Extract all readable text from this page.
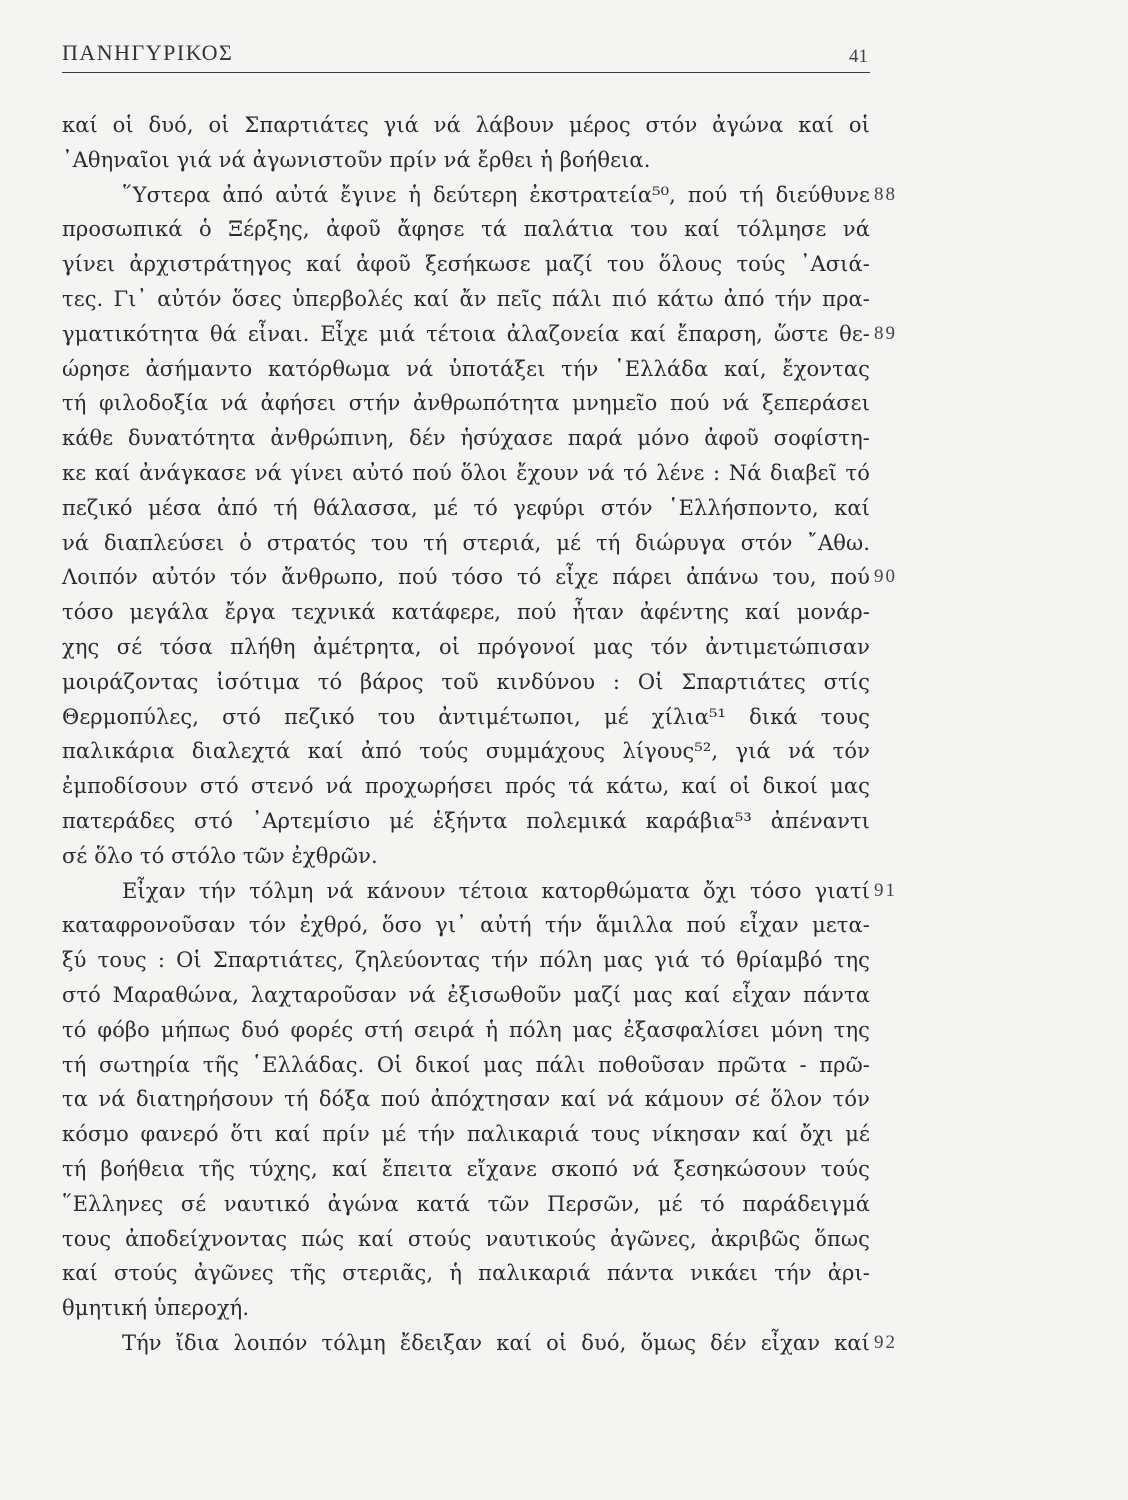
ΠΑΝΗΓΥΡΙΚΟΣ	41
καί οἱ δυό, οἱ Σπαρτιάτες γιά νά λάβουν μέρος στόν ἀγώνα καί οἱ
᾿Αθηναῖοι γιά νά ἀγωνιστοῦν πρίν νά ἔρθει ἡ βοήθεια.
῞Υστερα ἀπό αὐτά ἔγινε ἡ δεύτερη ἐκστρατεία⁵⁰, πού τή διεύθυνε
προσωπικά ὁ Ξέρξης, ἀφοῦ ἄφησε τά παλάτια του καί τόλμησε νά
γίνει ἀρχιστράτηγος καί ἀφοῦ ξεσήκωσε μαζί του ὅλους τούς ᾿Ασιά-
τες. Γι᾿ αὐτόν ὅσες ὑπερβολές καί ἄν πεῖς πάλι πιό κάτω ἀπό τήν πρα-
γματικότητα θά εἶναι. Εἶχε μιά τέτοια ἀλαζονεία καί ἔπαρση, ὥστε θε-
ώρησε ἀσήμαντο κατόρθωμα νά ὑποτάξει τήν ῾Ελλάδα καί, ἔχοντας
τή φιλοδοξία νά ἀφήσει στήν ἀνθρωπότητα μνημεῖο πού νά ξεπεράσει
κάθε δυνατότητα ἀνθρώπινη, δέν ἡσύχασε παρά μόνο ἀφοῦ σοφίστη-
κε καί ἀνάγκασε νά γίνει αὐτό πού ὅλοι ἔχουν νά τό λένε : Νά διαβεῖ τό
πεζικό μέσα ἀπό τή θάλασσα, μέ τό γεφύρι στόν ῾Ελλήσποντο, καί
νά διαπλεύσει ὁ στρατός του τή στεριά, μέ τή διώρυγα στόν ῎Αθω.
Λοιπόν αὐτόν τόν ἄνθρωπο, πού τόσο τό εἶχε πάρει ἀπάνω του, πού
τόσο μεγάλα ἔργα τεχνικά κατάφερε, πού ἦταν ἀφέντης καί μονάρ-
χης σέ τόσα πλήθη ἀμέτρητα, οἱ πρόγονοί μας τόν ἀντιμετώπισαν
μοιράζοντας ἰσότιμα τό βάρος τοῦ κινδύνου : Οἱ Σπαρτιάτες στίς
Θερμοπύλες, στό πεζικό του ἀντιμέτωποι, μέ χίλια⁵¹ δικά τους
παλικάρια διαλεχτά καί ἀπό τούς συμμάχους λίγους⁵², γιά νά τόν
ἐμποδίσουν στό στενό νά προχωρήσει πρός τά κάτω, καί οἱ δικοί μας
πατεράδες στό ᾿Αρτεμίσιο μέ ἑξήντα πολεμικά καράβια⁵³ ἀπέναντι
σέ ὅλο τό στόλο τῶν ἐχθρῶν.
Εἶχαν τήν τόλμη νά κάνουν τέτοια κατορθώματα ὄχι τόσο γιατί
καταφρονοῦσαν τόν ἐχθρό, ὅσο γι᾿ αὐτή τήν ἅμιλλα πού εἶχαν μετα-
ξύ τους : Οἱ Σπαρτιάτες, ζηλεύοντας τήν πόλη μας γιά τό θρίαμβό της
στό Μαραθώνα, λαχταροῦσαν νά ἐξισωθοῦν μαζί μας καί εἶχαν πάντα
τό φόβο μήπως δυό φορές στή σειρά ἡ πόλη μας ἐξασφαλίσει μόνη της
τή σωτηρία τῆς ῾Ελλάδας. Οἱ δικοί μας πάλι ποθοῦσαν πρῶτα - πρῶ-
τα νά διατηρήσουν τή δόξα πού ἀπόχτησαν καί νά κάμουν σέ ὅλον τόν
κόσμο φανερό ὅτι καί πρίν μέ τήν παλικαριά τους νίκησαν καί ὄχι μέ
τή βοήθεια τῆς τύχης, καί ἔπειτα εἴχανε σκοπό νά ξεσηκώσουν τούς
῞Ελληνες σέ ναυτικό ἀγώνα κατά τῶν Περσῶν, μέ τό παράδειγμά
τους ἀποδείχνοντας πώς καί στούς ναυτικούς ἀγῶνες, ἀκριβῶς ὅπως
καί στούς ἀγῶνες τῆς στεριᾶς, ἡ παλικαριά πάντα νικάει τήν ἀρι-
θμητική ὑπεροχή.
Τήν ἴδια λοιπόν τόλμη ἔδειξαν καί οἱ δυό, ὅμως δέν εἶχαν καί
88
89
90
91
92
